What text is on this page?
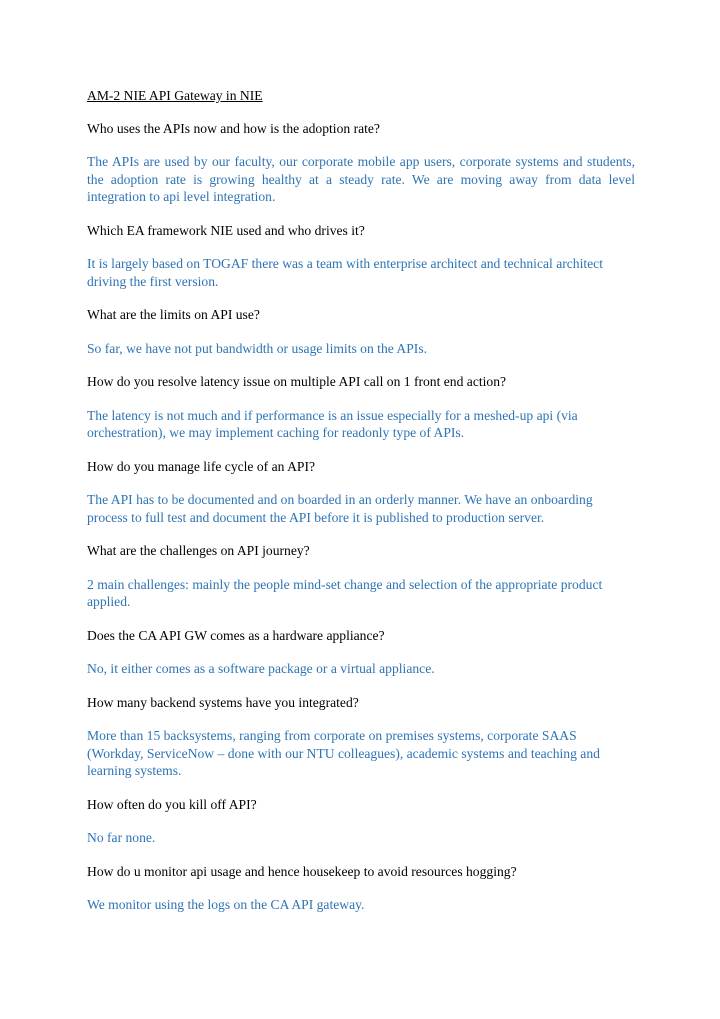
AM-2 NIE API Gateway in NIE

Who uses the APIs now and how is the adoption rate?

The APIs are used by our faculty, our corporate mobile app users, corporate systems and students, the adoption rate is growing healthy at a steady rate. We are moving away from data level integration to api level integration.

Which EA framework NIE used and who drives it?

It is largely based on TOGAF there was a team with enterprise architect and technical architect driving the first version.

What are the limits on API use?

So far, we have not put bandwidth or usage limits on the APIs.

How do you resolve latency issue on multiple API call on 1 front end action?

The latency is not much and if performance is an issue especially for a meshed-up api (via orchestration), we may implement caching for readonly type of APIs.

How do you manage life cycle of an API?

The API has to be documented and on boarded in an orderly manner. We have an onboarding process to full test and document the API before it is published to production server.

What are the challenges on API journey?

2 main challenges: mainly the people mind-set change and selection of the appropriate product applied.

Does the CA API GW comes as a hardware appliance?

No, it either comes as a software package or a virtual appliance.

How many backend systems have you integrated?

More than 15 backsystems, ranging from corporate on premises systems, corporate SAAS (Workday, ServiceNow – done with our NTU colleagues), academic systems and teaching and learning systems.

How often do you kill off API?

No far none.

How do u monitor api usage and hence housekeep to avoid resources hogging?

We monitor using the logs on the CA API gateway.
